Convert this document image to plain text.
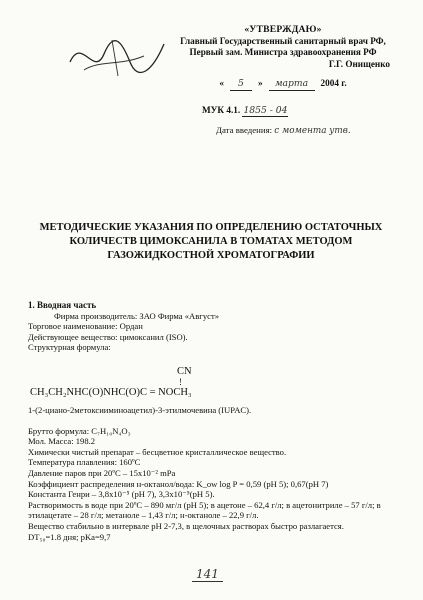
«УТВЕРЖДАЮ»
Главный Государственный санитарный врач РФ,
Первый зам. Министра здравоохранения РФ
Г.Г. Онищенко
«	5	»	марта	2004 г.
МУК 4.1. 1855 - 04
Дата введения: с момента утв.
МЕТОДИЧЕСКИЕ УКАЗАНИЯ ПО ОПРЕДЕЛЕНИЮ ОСТАТОЧНЫХ
КОЛИЧЕСТВ ЦИМОКСАНИЛА В ТОМАТАХ МЕТОДОМ
ГАЗОЖИДКОСТНОЙ ХРОМАТОГРАФИИ
1. Вводная часть
Фирма производитель: ЗАО Фирма «Август»
Торговое наименование: Ордан
Действующее вещество: цимоксанил (ISO).
Структурная формула:
CN
!
CH₃CH₂NHC(O)NHC(O)C = NOCH₃
1-(2-циано-2метоксииминоацетил)-3-этилмочевина (IUPAC).
Брутто формула: C₇H₁₀N₄O₃
Мол. Масса: 198.2
Химически чистый препарат – бесцветное кристаллическое вещество.
Температура плавления: 160ºС
Давление паров при 20ºС – 15х10⁻² mPa
Коэффициент распределения н-октанол/вода: K_ow log P = 0,59 (pH 5); 0,67(pH 7)
Константа Генри – 3,8х10⁻⁵ (pH 7), 3,3х10⁻⁵(pH 5).
Растворимость в воде при 20ºС – 890 мг/л (pH 5); в ацетоне – 62,4 г/л; в ацетонитриле – 57 г/л; в этилацетате – 28 г/л; метаноле – 1,43 г/л; н-октаноле – 22,9 г/л.
Вещество стабильно в интервале pH 2-7,3, в щелочных растворах быстро разлагается.
DT₅₀=1.8 дня; pKa=9,7
141
